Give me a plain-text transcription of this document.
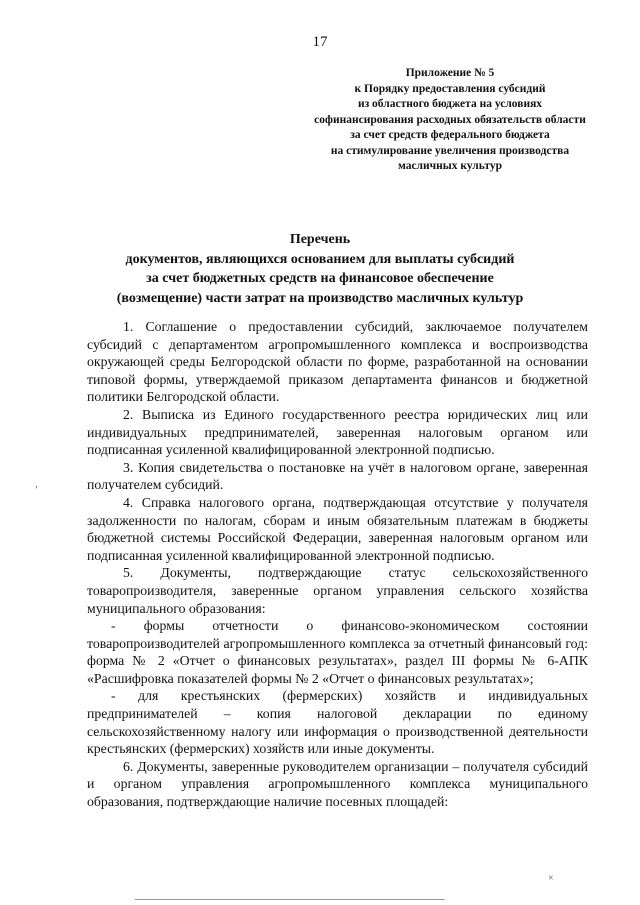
17
Приложение № 5
к Порядку предоставления субсидий
из областного бюджета на условиях
софинансирования расходных обязательств области
за счет средств федерального бюджета
на стимулирование увеличения производства
масличных культур
Перечень
документов, являющихся основанием для выплаты субсидий
за счет бюджетных средств на финансовое обеспечение
(возмещение) части затрат на производство масличных культур

1. Соглашение о предоставлении субсидий, заключаемое получателем субсидий с департаментом агропромышленного комплекса и воспроизводства окружающей среды Белгородской области по форме, разработанной на основании типовой формы, утверждаемой приказом департамента финансов и бюджетной политики Белгородской области.

2. Выписка из Единого государственного реестра юридических лиц или индивидуальных предпринимателей, заверенная налоговым органом или подписанная усиленной квалифицированной электронной подписью.

3. Копия свидетельства о постановке на учёт в налоговом органе, заверенная получателем субсидий.

4. Справка налогового органа, подтверждающая отсутствие у получателя задолженности по налогам, сборам и иным обязательным платежам в бюджеты бюджетной системы Российской Федерации, заверенная налоговым органом или подписанная усиленной квалифицированной электронной подписью.

5. Документы, подтверждающие статус сельскохозяйственного товаропроизводителя, заверенные органом управления сельского хозяйства муниципального образования:

- формы отчетности о финансово-экономическом состоянии товаропроизводителей агропромышленного комплекса за отчетный финансовый год: форма № 2 «Отчет о финансовых результатах», раздел III формы № 6-АПК «Расшифровка показателей формы № 2 «Отчет о финансовых результатах»;

- для крестьянских (фермерских) хозяйств и индивидуальных предпринимателей – копия налоговой декларации по единому сельскохозяйственному налогу или информация о производственной деятельности крестьянских (фермерских) хозяйств или иные документы.

6. Документы, заверенные руководителем организации – получателя субсидий и органом управления агропромышленного комплекса муниципального образования, подтверждающие наличие посевных площадей:

,
×
